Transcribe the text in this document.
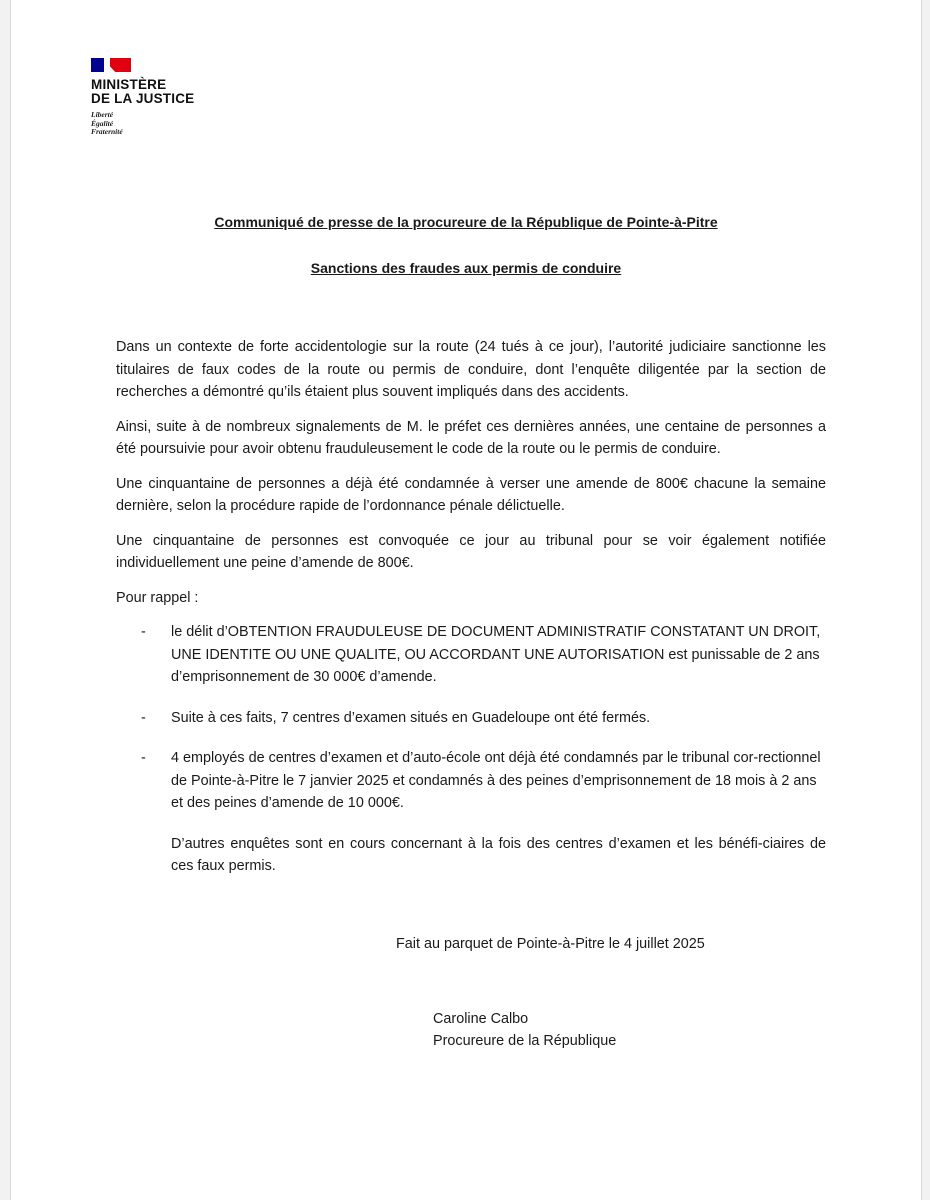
MINISTÈRE
DE LA JUSTICE
Liberté
Égalité
Fraternité
Communiqué de presse de la procureure de la République de Pointe-à-Pitre
Sanctions des fraudes aux permis de conduire

Dans un contexte de forte accidentologie sur la route (24 tués à ce jour), l’autorité judiciaire sanctionne les titulaires de faux codes de la route ou permis de conduire, dont l’enquête diligentée par la section de recherches a démontré qu’ils étaient plus souvent impliqués dans des accidents.

Ainsi, suite à de nombreux signalements de M. le préfet ces dernières années, une centaine de personnes a été poursuivie pour avoir obtenu frauduleusement le code de la route ou le permis de conduire.

Une cinquantaine de personnes a déjà été condamnée à verser une amende de 800€ chacune la semaine dernière, selon la procédure rapide de l’ordonnance pénale délictuelle.

Une cinquantaine de personnes est convoquée ce jour au tribunal pour se voir également notifiée individuellement une peine d’amende de 800€.

Pour rappel :

- le délit d’OBTENTION FRAUDULEUSE DE DOCUMENT ADMINISTRATIF CONSTATANT UN DROIT, UNE IDENTITE OU UNE QUALITE, OU ACCORDANT UNE AUTORISATION est punissable de 2 ans d’emprisonnement de 30 000€ d’amende.
- Suite à ces faits, 7 centres d’examen situés en Guadeloupe ont été fermés.
- 4 employés de centres d’examen et d’auto-école ont déjà été condamnés par le tribunal cor-rectionnel de Pointe-à-Pitre le 7 janvier 2025 et condamnés à des peines d’emprisonnement de 18 mois à 2 ans et des peines d’amende de 10 000€.

D’autres enquêtes sont en cours concernant à la fois des centres d’examen et les bénéfi-ciaires de ces faux permis.

Fait au parquet de Pointe-à-Pitre le 4 juillet 2025
Caroline Calbo
Procureure de la République
